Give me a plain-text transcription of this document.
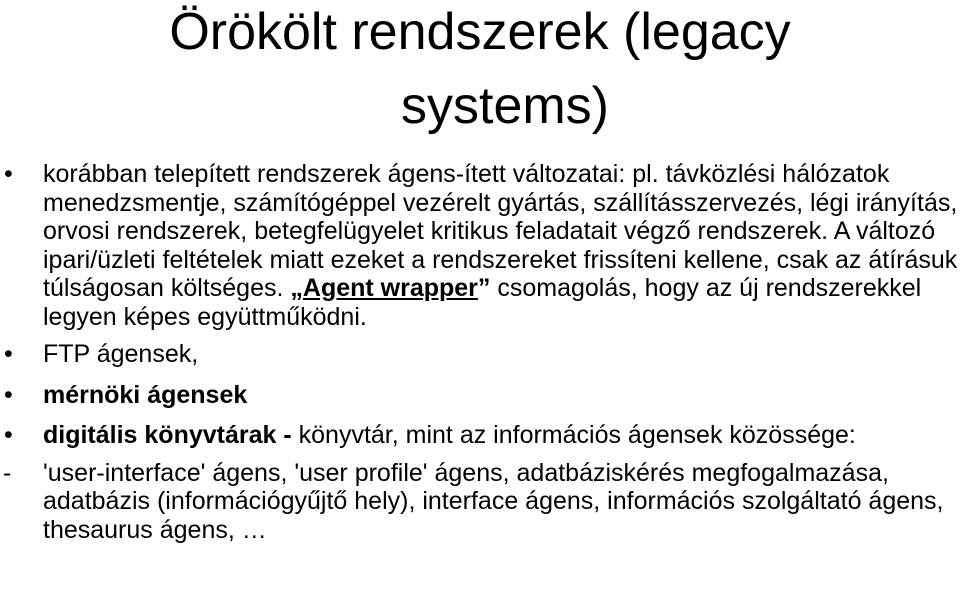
Örökölt rendszerek (legacy
systems)

• korábban telepített rendszerek ágens-ített változatai: pl. távközlési hálózatok menedzsmentje, számítógéppel vezérelt gyártás, szállításszervezés, légi irányítás, orvosi rendszerek, betegfelügyelet kritikus feladatait végző rendszerek. A változó ipari/üzleti feltételek miatt ezeket a rendszereket frissíteni kellene, csak az átírásuk túlságosan költséges. „Agent wrapper” csomagolás, hogy az új rendszerekkel legyen képes együttműködni.

• FTP ágensek,

• mérnöki ágensek

• digitális könyvtárak - könyvtár, mint az információs ágensek közössége:

- 'user-interface' ágens, 'user profile' ágens, adatbáziskérés megfogalmazása, adatbázis (információgyűjtő hely), interface ágens, információs szolgáltató ágens, thesaurus ágens, …
